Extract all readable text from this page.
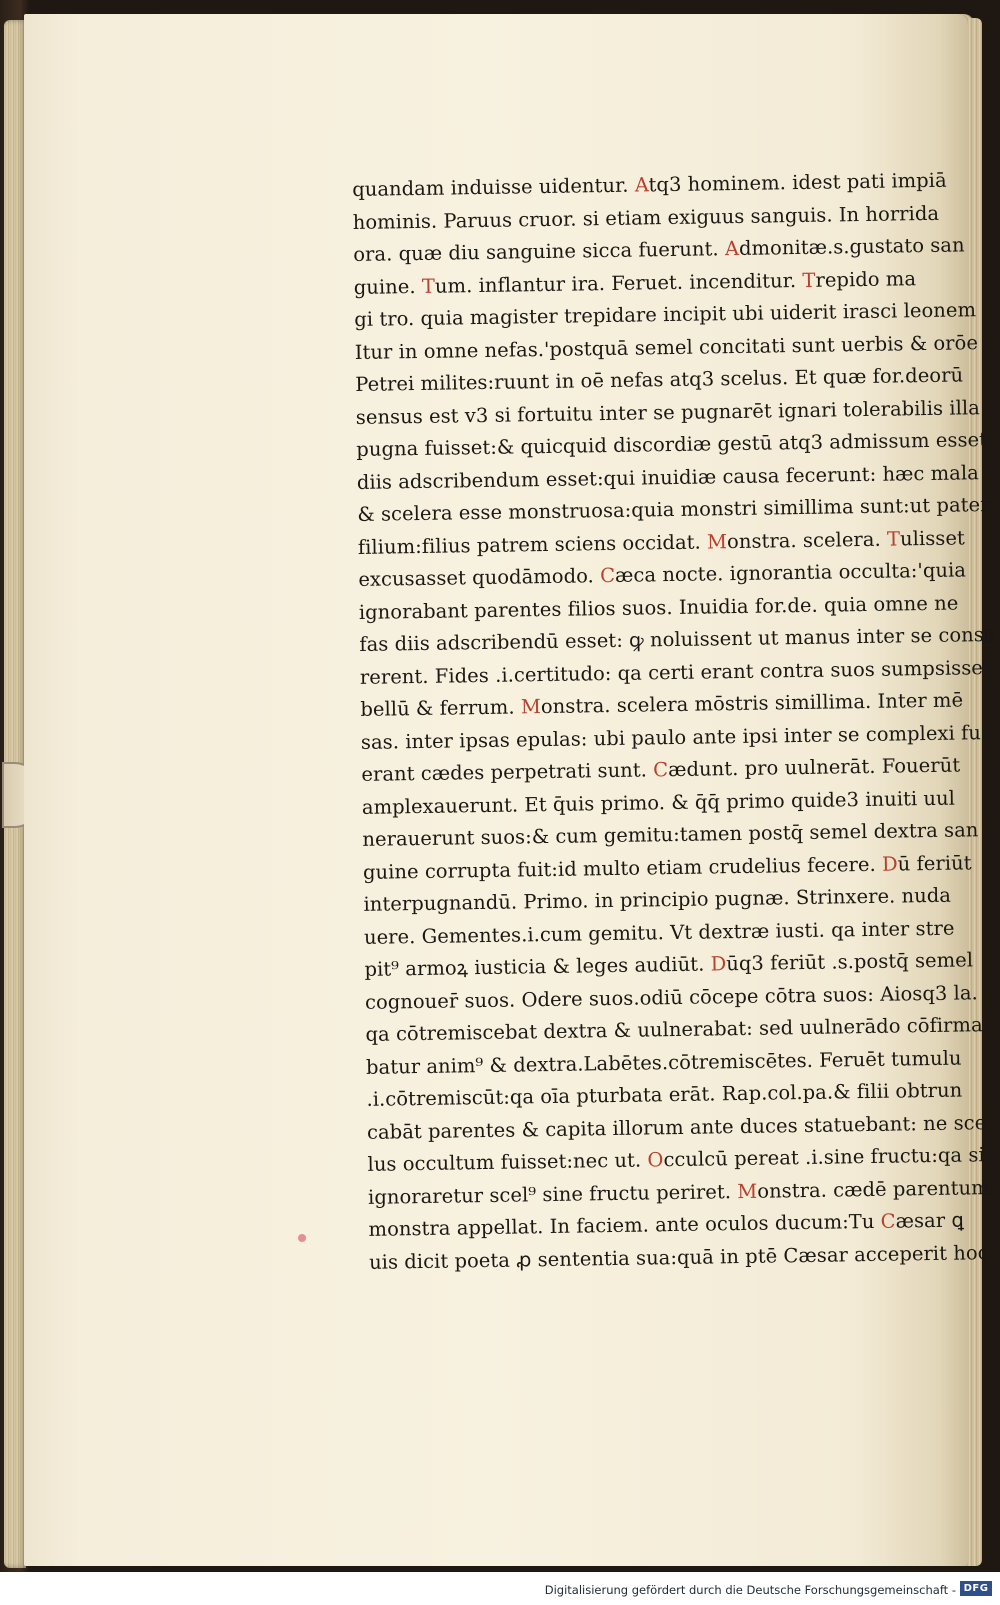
quandam induisse uidentur. Atq3 hominem. idest pati impiā
hominis. Paruus cruor. si etiam exiguus sanguis. In horrida
ora. quæ diu sanguine sicca fuerunt. Admonitæ.s.gustato san
guine. Tum. inflantur ira. Feruet. incenditur. Trepido ma
gi tro. quia magister trepidare incipit ubi uiderit irasci leonem
Itur in omne nefas.'postquā semel concitati sunt uerbis & orōe
Petrei milites:ruunt in oē nefas atq3 scelus. Et quæ for.deorū
sensus est v3 si fortuitu inter se pugnarēt ignari tolerabilis illa
pugna fuisset:& quicquid discordiæ gestū atq3 admissum esset
diis adscribendum esset:qui inuidiæ causa fecerunt: hæc mala
& scelera esse monstruosa:quia monstri simillima sunt:ut pater
filium:filius patrem sciens occidat. Monstra. scelera. Tulisset
excusasset quodāmodo. Cæca nocte. ignorantia occulta:'quia
ignorabant parentes filios suos. Inuidia for.de. quia omne ne
fas diis adscribendū esset: ꝙ noluissent ut manus inter se conse
rerent. Fides .i.certitudo: qa certi erant contra suos sumpsisse
bellū & ferrum. Monstra. scelera mōstris simillima. Inter mē
sas. inter ipsas epulas: ubi paulo ante ipsi inter se complexi fu
erant cædes perpetrati sunt. Cædunt. pro uulnerāt. Fouerūt
amplexauerunt. Et q̄uis primo. & q̄q̄ primo quide3 inuiti uul
nerauerunt suos:& cum gemitu:tamen postq̄ semel dextra san
guine corrupta fuit:id multo etiam crudelius fecere. Dū feriūt
interpugnandū. Primo. in principio pugnæ. Strinxere. nuda
uere. Gementes.i.cum gemitu. Vt dextræ iusti. qa inter stre
pit⁹ armoꝝ iusticia & leges audiūt. Dūq3 feriūt .s.postq̄ semel
cognouer̄ suos. Odere suos.odiū cōcepe cōtra suos: Aiosq3 la.
qa cōtremiscebat dextra & uulnerabat: sed uulnerādo cōfirma
batur anim⁹ & dextra.Labētes.cōtremiscētes. Feruēt tumulu
.i.cōtremiscūt:qa oīa pturbata erāt. Rap.col.pa.& filii obtrun
cabāt parentes & capita illorum ante duces statuebant: ne sce
lus occultum fuisset:nec ut. Occulcū pereat .i.sine fructu:qa si
ignoraretur scel⁹ sine fructu periret. Monstra. cædē parentum
monstra appellat. In faciem. ante oculos ducum:Tu Cæsar ꝗ
uis dicit poeta ꝓ sententia sua:quā in ptē Cæsar acceperit hoc
Digitalisierung gefördert durch die Deutsche Forschungsgemeinschaft - DFG
